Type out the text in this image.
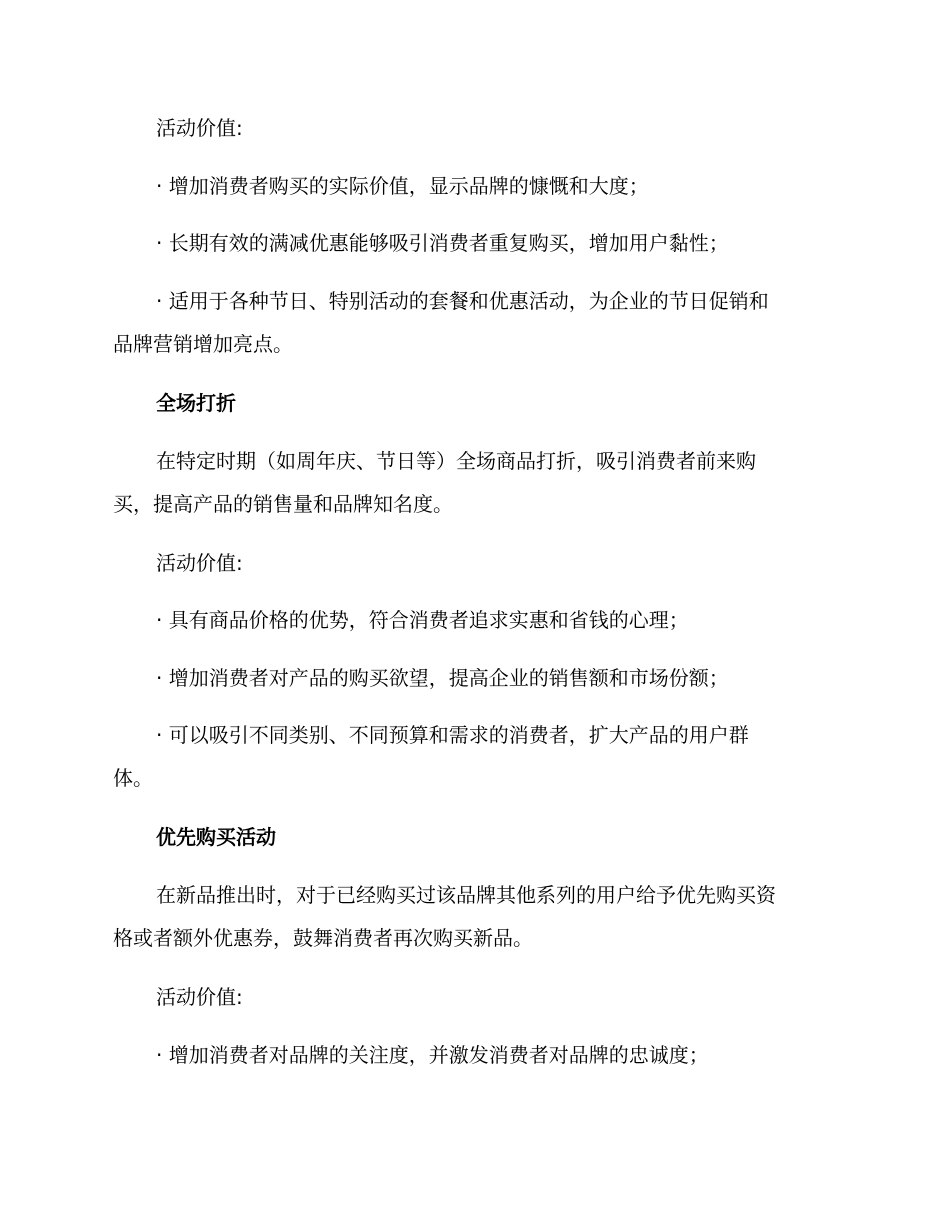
活动价值:
· 增加消费者购买的实际价值，显示品牌的慷慨和大度；
· 长期有效的满减优惠能够吸引消费者重复购买，增加用户黏性；
· 适用于各种节日、特别活动的套餐和优惠活动，为企业的节日促销和
品牌营销增加亮点。
全场打折
在特定时期（如周年庆、节日等）全场商品打折，吸引消费者前来购
买，提高产品的销售量和品牌知名度。
活动价值:
· 具有商品价格的优势，符合消费者追求实惠和省钱的心理；
· 增加消费者对产品的购买欲望，提高企业的销售额和市场份额；
· 可以吸引不同类别、不同预算和需求的消费者，扩大产品的用户群
体。
优先购买活动
在新品推出时，对于已经购买过该品牌其他系列的用户给予优先购买资
格或者额外优惠券，鼓舞消费者再次购买新品。
活动价值:
· 增加消费者对品牌的关注度，并激发消费者对品牌的忠诚度；
